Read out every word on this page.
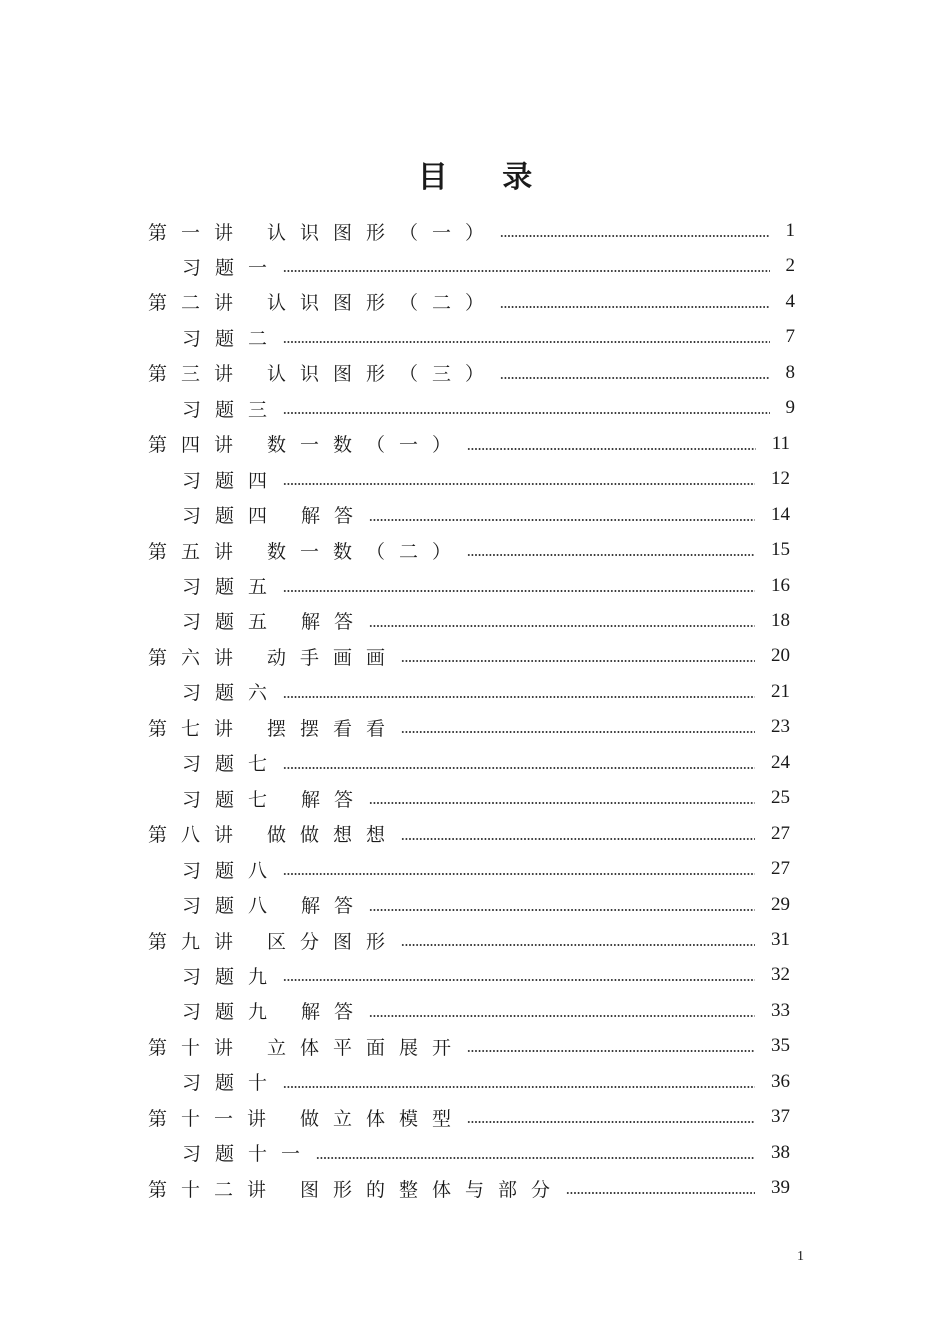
目 录
第一讲 认识图形（一）	1
习题一	2
第二讲 认识图形（二）	4
习题二	7
第三讲 认识图形（三）	8
习题三	9
第四讲 数一数（一）	11
习题四	12
习题四 解答	14
第五讲 数一数（二）	15
习题五	16
习题五 解答	18
第六讲 动手画画	20
习题六	21
第七讲 摆摆看看	23
习题七	24
习题七 解答	25
第八讲 做做想想	27
习题八	27
习题八 解答	29
第九讲 区分图形	31
习题九	32
习题九 解答	33
第十讲 立体平面展开	35
习题十	36
第十一讲 做立体模型	37
习题十一	38
第十二讲 图形的整体与部分	39
1
